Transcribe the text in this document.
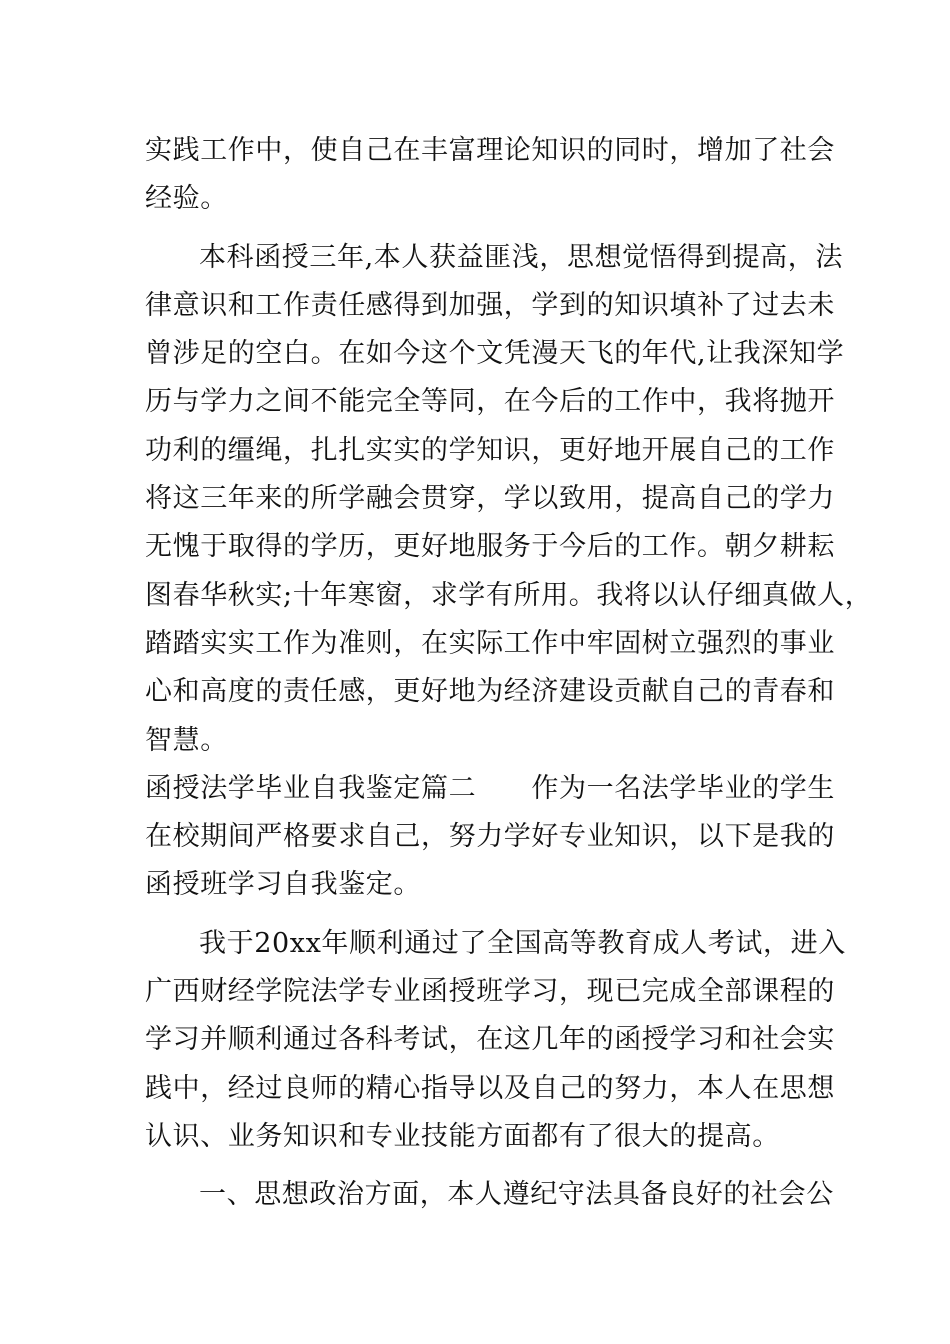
实践工作中，使自己在丰富理论知识的同时，增加了社会
经验。
本科函授三年,本人获益匪浅，思想觉悟得到提高，法
律意识和工作责任感得到加强，学到的知识填补了过去未
曾涉足的空白。在如今这个文凭漫天飞的年代,让我深知学
历与学力之间不能完全等同，在今后的工作中，我将抛开
功利的缰绳，扎扎实实的学知识，更好地开展自己的工作
将这三年来的所学融会贯穿，学以致用，提高自己的学力
无愧于取得的学历，更好地服务于今后的工作。朝夕耕耘
图春华秋实;十年寒窗，求学有所用。我将以认仔细真做人，
踏踏实实工作为准则，在实际工作中牢固树立强烈的事业
心和高度的责任感，更好地为经济建设贡献自己的青春和
智慧。
函授法学毕业自我鉴定篇二　　作为一名法学毕业的学生
在校期间严格要求自己，努力学好专业知识，以下是我的
函授班学习自我鉴定。
我于20xx年顺利通过了全国高等教育成人考试，进入
广西财经学院法学专业函授班学习，现已完成全部课程的
学习并顺利通过各科考试，在这几年的函授学习和社会实
践中，经过良师的精心指导以及自己的努力，本人在思想
认识、业务知识和专业技能方面都有了很大的提高。
一、思想政治方面，本人遵纪守法具备良好的社会公
